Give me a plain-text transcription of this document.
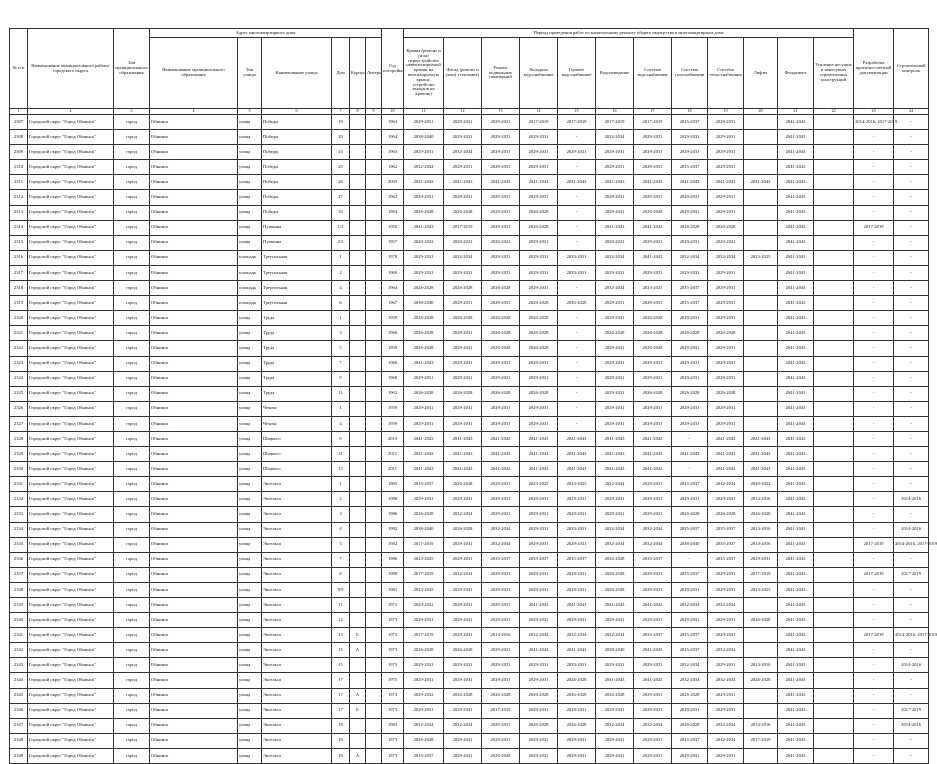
№ п/п	Наименование муниципального района/городского округа	Тип муниципального образования	Адрес многоквартирного дома						Год постройки	Период проведения работ по капитальному ремонту общего имущества в многоквартирном доме												Разработка проектно-сметной документации	Строительный контроль
			Наименование муниципального образования	Тип улицы	Наименование улицы	Дом	Корпус	Литера		Крыша (ремонт и (или) переустройство невентилируемой крыши на вентилируемую крышу, устройство выходов на кровлю)	Фасад (ремонт и (или) утепление)	Ремонт подвальных помещений	Холодное водоснабжение	Горячее водоснабжение	Водоотведение	Система водоснабжения	Система газоснабжения	Система теплоснабжения	Лифты	Фундамент	Усиление несущих и ненесущих строительных конструкций		
1	2	3	4	5	6	7	8	9	10	11	12	13	14	15	16	17	18	19	20	21	22	23	24
2307	Городской округ "Город Обнинск"	город	Обнинск	улица	Победы	19			1963	2029-2031	2029-2031	2029-2031	2017-2019	2017-2019	2017-2019	2017-2019	2035-2037	2029-2031		2041-2043		2014-2016, 2017-2019	-
2308	Городской округ "Город Обнинск"	город	Обнинск	улица	Победы	20			1964	2038-2040	2029-2031	2029-2031	2029-2031	-	2032-2034	2029-2031	2029-2031	2029-2031		2041-2043		-	-
2309	Городской округ "Город Обнинск"	город	Обнинск	улица	Победы	23			1963	2029-2031	2032-2034	2029-2031	2029-2031	2029-2031	2029-2031	2029-2031	2029-2031	2029-2031		2041-2043		-	-
2310	Городской округ "Город Обнинск"	город	Обнинск	улица	Победы	25			1962	2032-2034	2029-2031	2029-2031	2029-2031	-	2029-2031	2029-2031	2035-2037	2029-2031		2041-2043		-	-
2311	Городской округ "Город Обнинск"	город	Обнинск	улица	Победы	26			2005	2041-2043	2041-2043	2041-2043	2041-2043	2041-2043	2041-2043	2041-2043	2041-2043	2041-2043	2041-2043	2041-2043		-	-
2312	Городской округ "Город Обнинск"	город	Обнинск	улица	Победы	27			1962	2029-2031	2029-2031	2029-2031	2029-2031	-	2029-2031	2029-2031	2029-2031	2029-2031		2041-2043		-	-
2313	Городской округ "Город Обнинск"	город	Обнинск	улица	Победы	33			1964	2026-2028	2026-2028	2029-2031	2026-2028	-	2029-2031	2026-2028	2029-2031	2029-2031		2041-2043		-	-
2314	Городской округ "Город Обнинск"	город	Обнинск	улица	Пушкина	1/3			1950	2041-2043	2017-2019	2029-2031	2026-2028	-	2041-2043	2041-2043	2026-2028	2026-2028		2041-2043		2017-2019	-
2315	Городской округ "Город Обнинск"	город	Обнинск	улица	Пушкина	2/3			1957	2020-2022	2020-2022	2020-2022	2029-2031	-	2020-2022	2029-2031	2029-2031	2020-2022		2041-2043		-	-
2316	Городской округ "Город Обнинск"	город	Обнинск	площадь	Треугольная	1			1978	2029-2031	2032-2034	2029-2031	2029-2031	2029-2031	2032-2034	2041-2043	2032-2034	2032-2034	2023-2025	2041-2043		-	-
2317	Городской округ "Город Обнинск"	город	Обнинск	площадь	Треугольная	2			1960	2029-2031	2029-2031	2029-2031	2029-2031	2029-2031	2029-2031	2029-2031	2029-2031	2029-2031		2041-2043		-	-
2318	Городской округ "Город Обнинск"	город	Обнинск	площадь	Треугольная	4			1964	2026-2028	2026-2028	2026-2028	2029-2031	-	2032-2034	2023-2025	2035-2037	2029-2031		2041-2043		-	-
2319	Городской округ "Город Обнинск"	город	Обнинск	площадь	Треугольная	6			1967	2038-2040	2029-2031	2029-2031	2026-2028	2026-2028	2029-2031	2029-2031	2035-2037	2029-2031		2041-2043		-	-
2320	Городской округ "Город Обнинск"	город	Обнинск	улица	Труда	1			1959	2026-2028	2026-2028	2026-2028	2026-2028	-	2029-2031	2026-2028	2029-2031	2029-2031		2041-2043		-	-
2321	Городской округ "Город Обнинск"	город	Обнинск	улица	Труда	3			1960	2026-2028	2029-2031	2026-2028	2026-2028	-	2026-2028	2026-2028	2026-2028	2026-2028		2041-2043		-	-
2322	Городской округ "Город Обнинск"	город	Обнинск	улица	Труда	5			1959	2026-2028	2029-2031	2026-2028	2026-2028	-	2029-2031	2026-2028	2029-2031	2029-2031		2041-2043		-	-
2323	Городской округ "Город Обнинск"	город	Обнинск	улица	Труда	7			1960	2041-2043	2029-2031	2029-2031	2029-2031	-	2029-2031	2029-2031	2029-2031	2029-2031		2041-2043		-	-
2324	Городской округ "Город Обнинск"	город	Обнинск	улица	Труда	9			1960	2029-2031	2029-2031	2029-2031	2029-2031	-	2029-2031	2029-2031	2029-2031	2029-2031		2041-2043		-	-
2325	Городской округ "Город Обнинск"	город	Обнинск	улица	Труда	11			1962	2026-2028	2026-2028	2026-2028	2026-2028	-	2029-2031	2026-2028	2026-2028	2026-2028		2041-2043		-	-
2326	Городской округ "Город Обнинск"	город	Обнинск	улица	Чехова	1			1959	2029-2031	2029-2031	2029-2031	2029-2031	-	2029-2031	2029-2031	2029-2031	2029-2031		2041-2043		-	-
2327	Городской округ "Город Обнинск"	город	Обнинск	улица	Чехова	4			1959	2029-2031	2029-2031	2029-2031	2029-2031	-	2029-2031	2029-2031	2029-2031	2029-2031		2041-2043		-	-
2328	Городской округ "Город Обнинск"	город	Обнинск	улица	Шацкого	9			2010	2041-2043	2041-2043	2041-2043	2041-2043	2041-2043	2041-2043	2041-2043	-	2041-2043	2041-2043	2041-2043		-	-
2329	Городской округ "Город Обнинск"	город	Обнинск	улица	Шацкого	11			2011	2041-2043	2041-2043	2041-2043	2041-2043	2041-2043	2041-2043	2041-2043	2041-2043	2041-2043	2041-2043	2041-2043		-	-
2330	Городской округ "Город Обнинск"	город	Обнинск	улица	Шацкого	13			2011	2041-2043	2041-2043	2041-2043	2041-2043	2041-2043	2041-2043	2041-2043	-	2041-2043	2041-2043	2041-2043		-	-
2331	Городской округ "Город Обнинск"	город	Обнинск	улица	Энгельса	1			1985	2035-2037	2026-2028	2029-2031	2023-2025	2023-2025	2032-2034	2029-2031	2035-2037	2032-2034	2020-2022	2041-2043		-	-
2332	Городской округ "Город Обнинск"	город	Обнинск	улица	Энгельса	2			1988	2029-2031	2029-2031	2029-2031	2029-2031	2029-2031	2029-2031	2029-2031	2029-2031	2029-2031	2014-2016	2041-2043		-	2014-2016
2333	Городской округ "Город Обнинск"	город	Обнинск	улица	Энгельса	3			1986	2026-2028	2032-2034	2029-2031	2029-2031	2029-2031	2029-2031	2029-2031	2026-2028	2026-2028	2026-2028	2041-2043		-	-
2334	Городской округ "Город Обнинск"	город	Обнинск	улица	Энгельса	4			1982	2038-2040	2026-2028	2032-2034	2029-2031	2029-2031	2032-2034	2032-2034	2035-2037	2035-2037	2014-2016	2041-2043		-	2014-2016
2335	Городской округ "Город Обнинск"	город	Обнинск	улица	Энгельса	5			1982	2017-2019	2029-2031	2032-2034	2029-2031	2029-2031	2032-2034	2032-2034	2038-2040	2035-2037	2014-2016	2041-2043		2017-2019	2014-2016, 2017-2019
2336	Городской округ "Город Обнинск"	город	Обнинск	улица	Энгельса	7			1986	2023-2025	2029-2031	2035-2037	2035-2037	2035-2037	2026-2028	2035-2037	-	2035-2037	2029-2031	2041-2043		-	-
2337	Городской округ "Город Обнинск"	город	Обнинск	улица	Энгельса	8			1988	2017-2019	2032-2034	2029-2031	2029-2031	2029-2031	2026-2028	2029-2031	2035-2037	2029-2031	2017-2019	2041-2043		2017-2019	2017-2019
2338	Городской округ "Город Обнинск"	город	Обнинск	улица	Энгельса	9/9			1981	2023-2025	2029-2031	2029-2031	2029-2031	2029-2031	2026-2028	2029-2031	2029-2031	2029-2031	2023-2025	2041-2043		-	-
2339	Городской округ "Город Обнинск"	город	Обнинск	улица	Энгельса	11			1971	2020-2022	2029-2031	2029-2031	2041-2043	2041-2043	2041-2043	2041-2043	2032-2034	2032-2034		2041-2043		-	-
2340	Городской округ "Город Обнинск"	город	Обнинск	улица	Энгельса	12			1973	2029-2031	2029-2031	2029-2031	2029-2031	2029-2031	2029-2031	2029-2031	2029-2031	2029-2031	2026-2028	2041-2043		-	-
2341	Городской округ "Город Обнинск"	город	Обнинск	улица	Энгельса	13	Б		1973	2017-2019	2029-2031	2014-2016	2032-2034	2032-2034	2032-2034	2035-2037	2035-2037	2029-2031		2041-2043		2017-2019	2014-2016, 2017-2019
2342	Городской округ "Город Обнинск"	город	Обнинск	улица	Энгельса	15	А		1973	2026-2028	2026-2028	2029-2031	2041-2043	2041-2043	2038-2040	2041-2043	2035-2037	2032-2034		2041-2043		-	-
2343	Городской округ "Город Обнинск"	город	Обнинск	улица	Энгельса	15			1973	2029-2031	2029-2031	2029-2031	2029-2031	2029-2031	2029-2031	2029-2031	2032-2034	2029-2031	2014-2016	2041-2043		-	2014-2016
2344	Городской округ "Город Обнинск"	город	Обнинск	улица	Энгельса	17			1975	2029-2031	2029-2031	2029-2031	2029-2031	2026-2028	2041-2043	2041-2043	2032-2034	2032-2034	2026-2028	2041-2043		-	-
2345	Городской округ "Город Обнинск"	город	Обнинск	улица	Энгельса	17	А		1973	2029-2032	2026-2028	2026-2028	2026-2028	2026-2028	2026-2028	2029-2031	2026-2028	2029-2031		2041-2043		-	-
2346	Городской округ "Город Обнинск"	город	Обнинск	улица	Энгельса	17	Б		1973	2029-2031	2029-2031	2017-2019	2029-2031	2029-2031	2029-2031	2029-2031	2029-2031	2029-2031		2041-2043		-	2017-2019
2347	Городской округ "Город Обнинск"	город	Обнинск	улица	Энгельса	18			1983	2032-2034	2032-2034	2029-2031	2026-2028	2026-2028	2032-2034	2032-2034	2026-2028	2032-2034	2014-2016	2041-2043		-	2014-2016
2348	Городской округ "Город Обнинск"	город	Обнинск	улица	Энгельса	19			1973	2026-2028	2029-2031	2029-2031	2029-2031	2029-2031	2029-2031	2029-2031	2035-2037	2032-2034	2017-2019	2041-2043		-	-
2349	Городской округ "Город Обнинск"	город	Обнинск	улица	Энгельса	19	А		1973	2035-2037	2029-2031	2026-2028	2029-2031	2029-2031	2029-2031	2029-2031	2029-2031	2029-2031		2041-2043		-	-
